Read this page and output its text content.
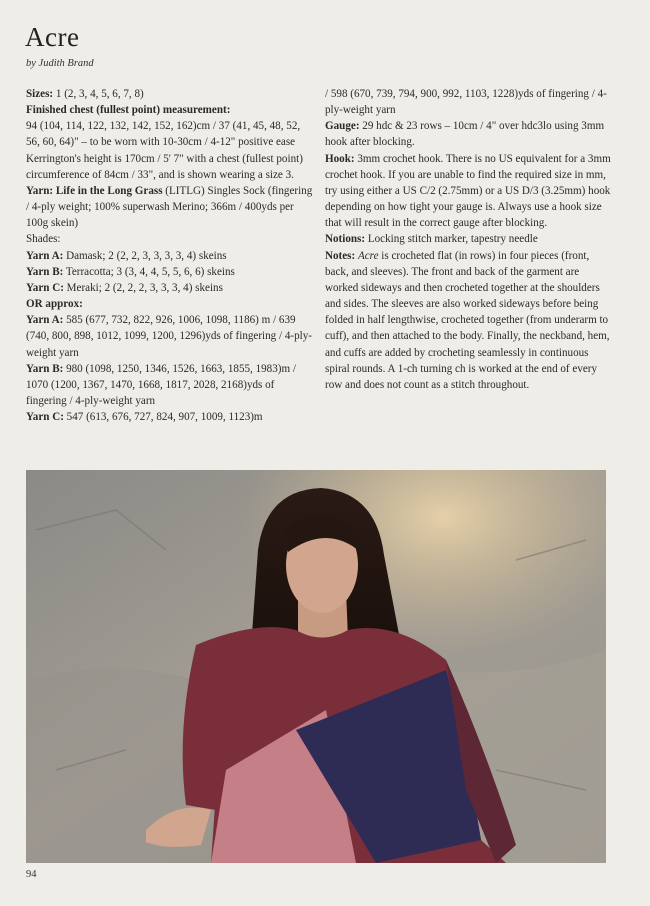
Acre
by Judith Brand

Sizes: 1 (2, 3, 4, 5, 6, 7, 8)

Finished chest (fullest point) measurement:

94 (104, 114, 122, 132, 142, 152, 162)cm / 37 (41, 45, 48, 52, 56, 60, 64)" – to be worn with 10-30cm / 4-12" positive ease

Kerrington's height is 170cm / 5' 7" with a chest (fullest point) circumference of 84cm / 33", and is shown wearing a size 3.

Yarn: Life in the Long Grass (LITLG) Singles Sock (fingering / 4-ply weight; 100% superwash Merino; 366m / 400yds per 100g skein)

Shades:

Yarn A: Damask; 2 (2, 2, 3, 3, 3, 3, 4) skeins

Yarn B: Terracotta; 3 (3, 4, 4, 5, 5, 6, 6) skeins

Yarn C: Meraki; 2 (2, 2, 2, 3, 3, 3, 4) skeins

OR approx:

Yarn A: 585 (677, 732, 822, 926, 1006, 1098, 1186) m / 639 (740, 800, 898, 1012, 1099, 1200, 1296)yds of fingering / 4-ply-weight yarn

Yarn B: 980 (1098, 1250, 1346, 1526, 1663, 1855, 1983)m / 1070 (1200, 1367, 1470, 1668, 1817, 2028, 2168)yds of fingering / 4-ply-weight yarn

Yarn C: 547 (613, 676, 727, 824, 907, 1009, 1123)m

/ 598 (670, 739, 794, 900, 992, 1103, 1228)yds of fingering / 4-ply-weight yarn

Gauge: 29 hdc & 23 rows – 10cm / 4" over hdc3lo using 3mm hook after blocking.

Hook: 3mm crochet hook. There is no US equivalent for a 3mm crochet hook. If you are unable to find the required size in mm, try using either a US C/2 (2.75mm) or a US D/3 (3.25mm) hook depending on how tight your gauge is. Always use a hook size that will result in the correct gauge after blocking.

Notions: Locking stitch marker, tapestry needle

Notes: Acre is crocheted flat (in rows) in four pieces (front, back, and sleeves). The front and back of the garment are worked sideways and then crocheted together at the shoulders and sides. The sleeves are also worked sideways before being folded in half lengthwise, crocheted together (from underarm to cuff), and then attached to the body. Finally, the neckband, hem, and cuffs are added by crocheting seamlessly in continuous spiral rounds. A 1-ch turning ch is worked at the end of every row and does not count as a stitch throughout.

94
